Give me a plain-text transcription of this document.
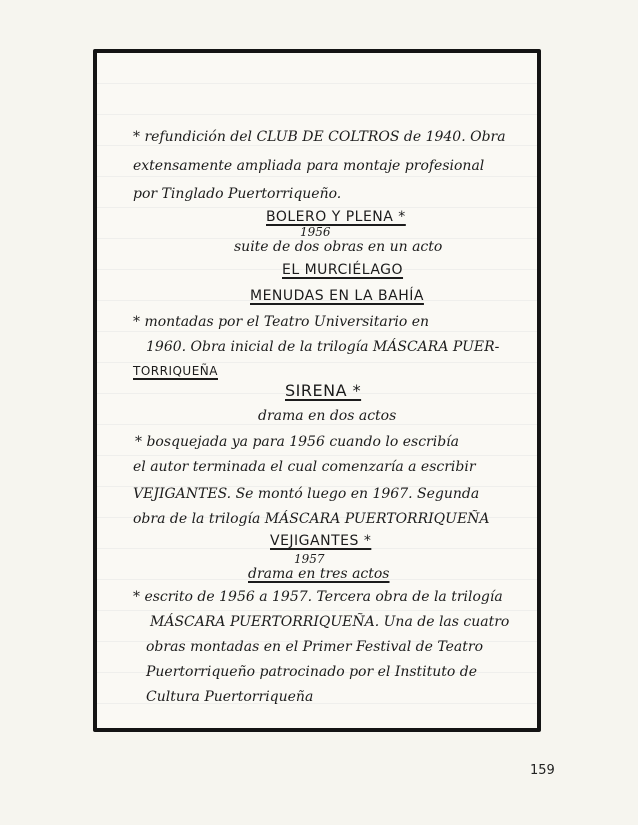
* refundición del CLUB DE COLTROS de 1940. Obra
extensamente ampliada para montaje profesional
por Tinglado Puertorriqueño.
BOLERO Y PLENA *
1956
suite de dos obras en un acto
EL MURCIÉLAGO
MENUDAS EN LA BAHÍA
* montadas por el Teatro Universitario en
1960. Obra inicial de la trilogía MÁSCARA PUER-
TORRIQUEÑA
SIRENA *
drama en dos actos
* bosquejada ya para 1956 cuando lo escribía
el autor terminada el cual comenzaría a escribir
VEJIGANTES. Se montó luego en 1967. Segunda
obra de la trilogía MÁSCARA PUERTORRIQUEÑA
VEJIGANTES *
1957
drama en tres actos
* escrito de 1956 a 1957. Tercera obra de la trilogía
MÁSCARA PUERTORRIQUEÑA. Una de las cuatro
obras montadas en el Primer Festival de Teatro
Puertorriqueño patrocinado por el Instituto de
Cultura Puertorriqueña
159
